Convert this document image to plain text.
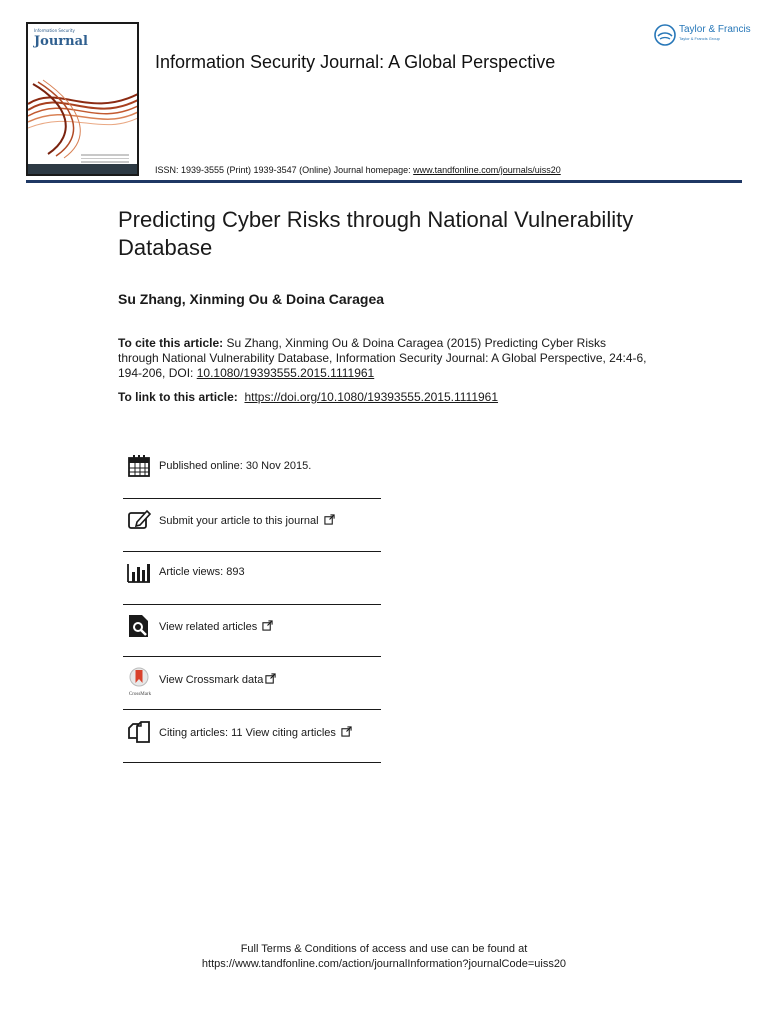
Information Security
Journal
Information Security Journal: A Global Perspective
Taylor & Francis
Taylor & Francis Group
ISSN: 1939-3555 (Print) 1939-3547 (Online) Journal homepage: www.tandfonline.com/journals/uiss20
Predicting Cyber Risks through National Vulnerability Database
Su Zhang, Xinming Ou & Doina Caragea
To cite this article: Su Zhang, Xinming Ou & Doina Caragea (2015) Predicting Cyber Risks through National Vulnerability Database, Information Security Journal: A Global Perspective, 24:4-6, 194-206, DOI: 10.1080/19393555.2015.1111961
To link to this article: https://doi.org/10.1080/19393555.2015.1111961
Published online: 30 Nov 2015.
Submit your article to this journal
Article views: 893
View related articles
CrossMark
View Crossmark data
Citing articles: 11 View citing articles
Full Terms & Conditions of access and use can be found at
https://www.tandfonline.com/action/journalInformation?journalCode=uiss20
